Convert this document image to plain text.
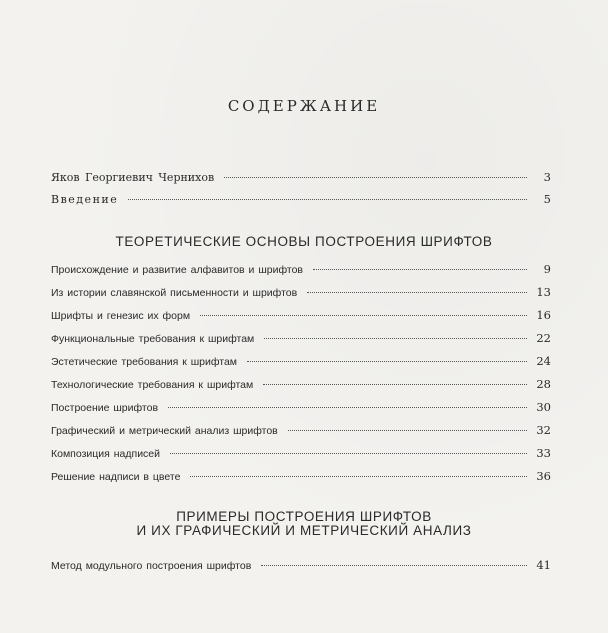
СОДЕРЖАНИЕ
Яков Георгиевич Чернихов	3
Введение	5
ТЕОРЕТИЧЕСКИЕ ОСНОВЫ ПОСТРОЕНИЯ ШРИФТОВ
Происхождение и развитие алфавитов и шрифтов	9
Из истории славянской письменности и шрифтов	13
Шрифты и генезис их форм	16
Функциональные требования к шрифтам	22
Эстетические требования к шрифтам	24
Технологические требования к шрифтам	28
Построение шрифтов	30
Графический и метрический анализ шрифтов	32
Композиция надписей	33
Решение надписи в цвете	36
ПРИМЕРЫ ПОСТРОЕНИЯ ШРИФТОВ
И ИХ ГРАФИЧЕСКИЙ И МЕТРИЧЕСКИЙ АНАЛИЗ
Метод модульного построения шрифтов	41
